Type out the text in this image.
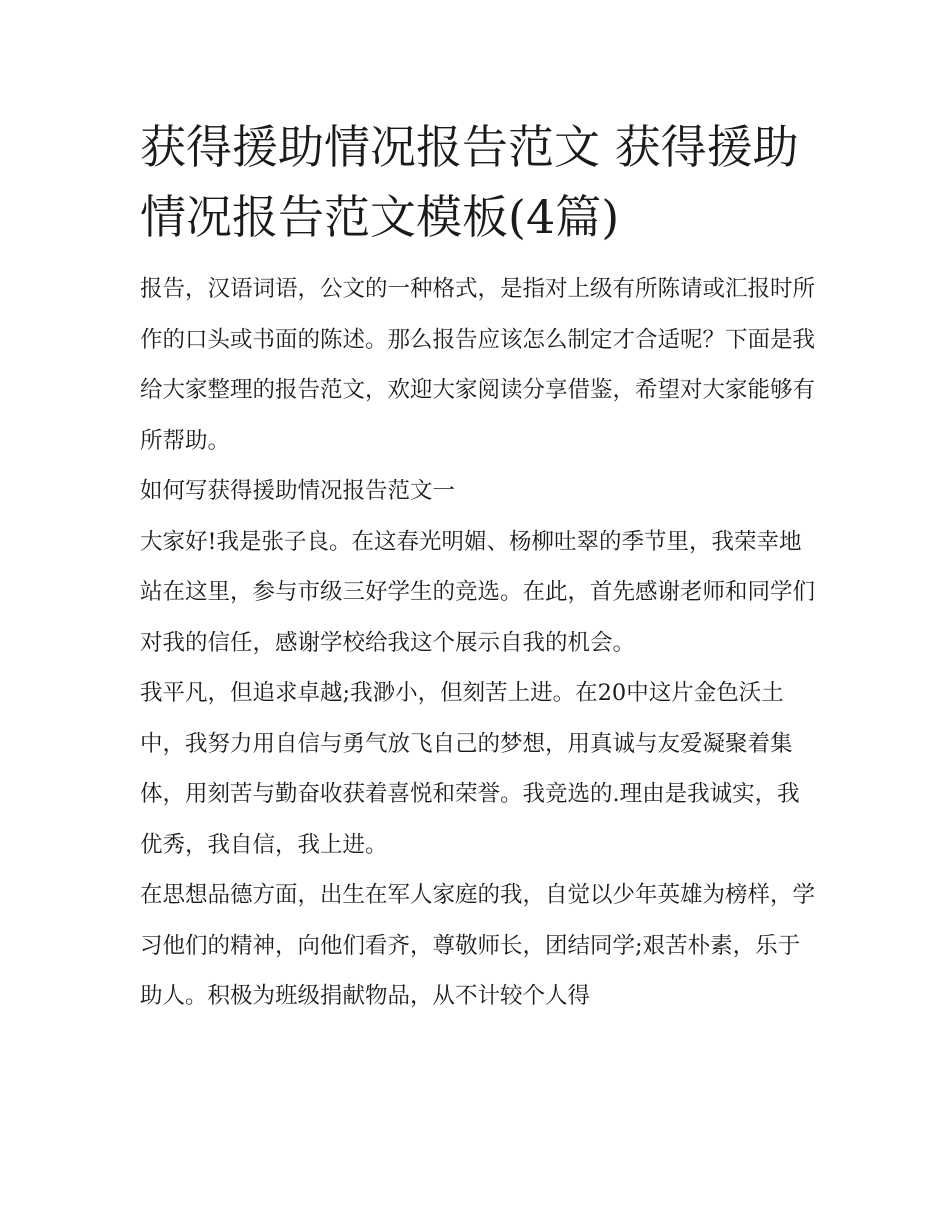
获得援助情况报告范文 获得援助情况报告范文模板(4篇)

报告，汉语词语，公文的一种格式，是指对上级有所陈请或汇报时所作的口头或书面的陈述。那么报告应该怎么制定才合适呢？下面是我给大家整理的报告范文，欢迎大家阅读分享借鉴，希望对大家能够有所帮助。

如何写获得援助情况报告范文一

大家好!我是张子良。在这春光明媚、杨柳吐翠的季节里，我荣幸地站在这里，参与市级三好学生的竞选。在此，首先感谢老师和同学们对我的信任，感谢学校给我这个展示自我的机会。

我平凡，但追求卓越;我渺小，但刻苦上进。在20中这片金色沃土中，我努力用自信与勇气放飞自己的梦想，用真诚与友爱凝聚着集体，用刻苦与勤奋收获着喜悦和荣誉。我竞选的.理由是我诚实，我优秀，我自信，我上进。

在思想品德方面，出生在军人家庭的我，自觉以少年英雄为榜样，学习他们的精神，向他们看齐，尊敬师长，团结同学;艰苦朴素，乐于助人。积极为班级捐献物品，从不计较个人得
